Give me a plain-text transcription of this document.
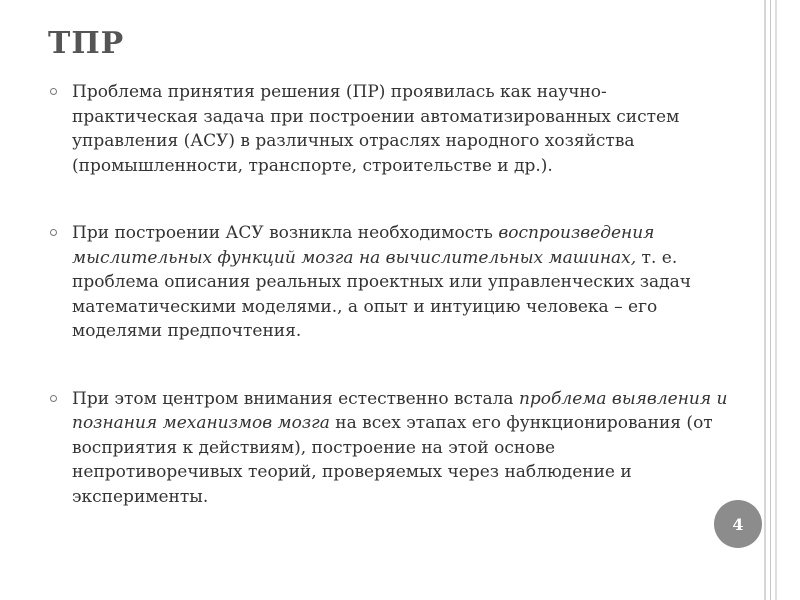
ТПР
Проблема принятия решения (ПР) проявилась как научно-практическая задача при построении автоматизированных систем управления (АСУ) в различных отраслях народного хозяйства (промышленности, транспорте, строительстве и др.).
При построении АСУ возникла необходимость воспроизведения мыслительных функций мозга на вычислительных машинах, т. е. проблема описания реальных проектных или управленческих задач математическими моделями., а опыт и интуицию человека – его моделями предпочтения.
При этом центром внимания естественно встала проблема выявления и познания механизмов мозга на всех этапах его функционирования (от восприятия к действиям), построение на этой основе непротиворечивых теорий, проверяемых через наблюдение и эксперименты.
4
